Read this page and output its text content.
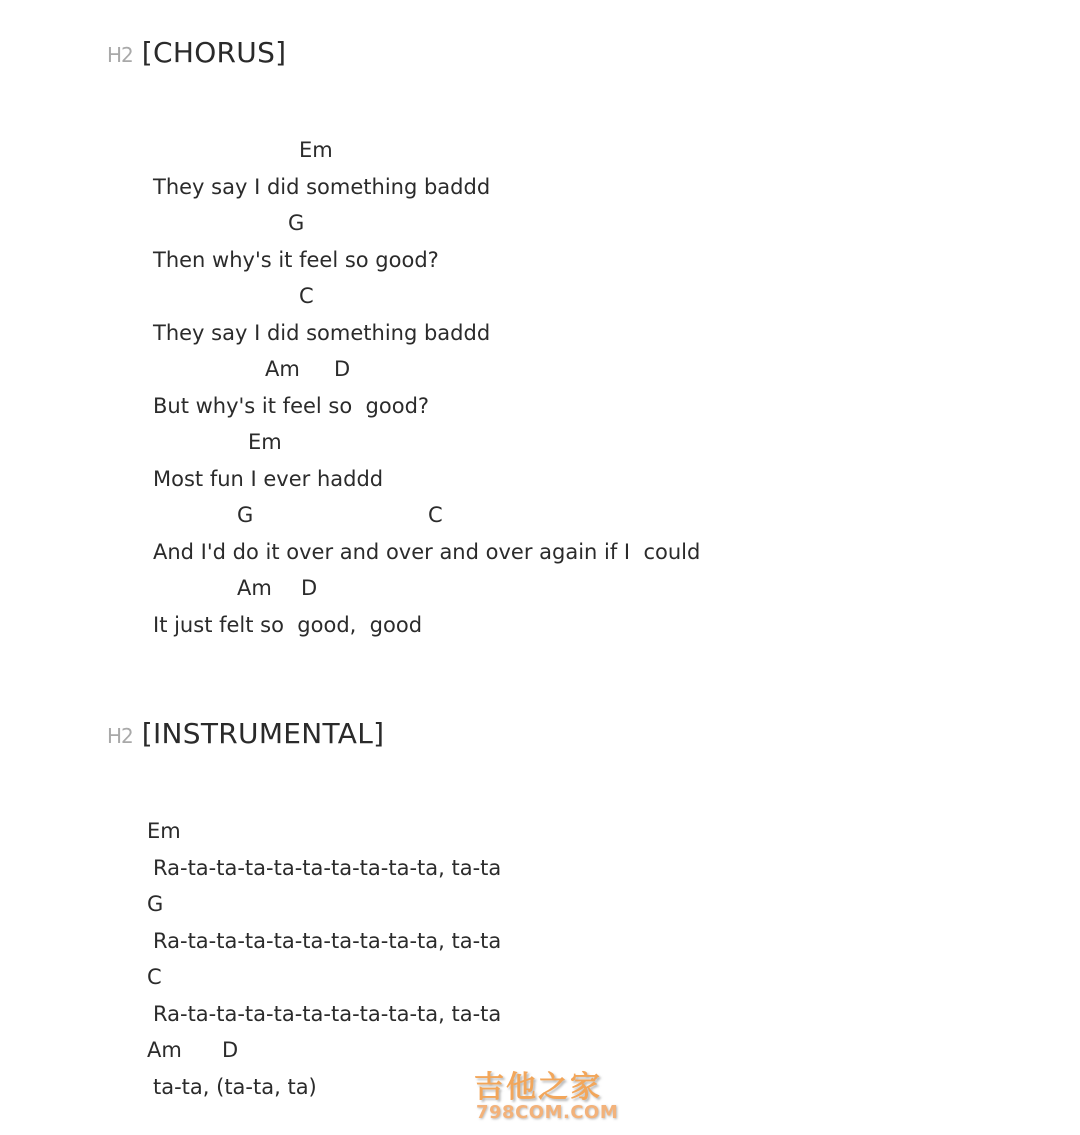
H2 [CHORUS]
Em
They say I did something baddd
G
Then why's it feel so good?
C
They say I did something baddd
Am D
But why's it feel so  good?
Em
Most fun I ever haddd
G	C
And I'd do it over and over and over again if I  could
Am D
It just felt so  good,  good
H2 [INSTRUMENTAL]
Em
Ra-ta-ta-ta-ta-ta-ta-ta-ta-ta, ta-ta
G
Ra-ta-ta-ta-ta-ta-ta-ta-ta-ta, ta-ta
C
Ra-ta-ta-ta-ta-ta-ta-ta-ta-ta, ta-ta
Am D
ta-ta, (ta-ta, ta)	吉他之家
798COM.COM
